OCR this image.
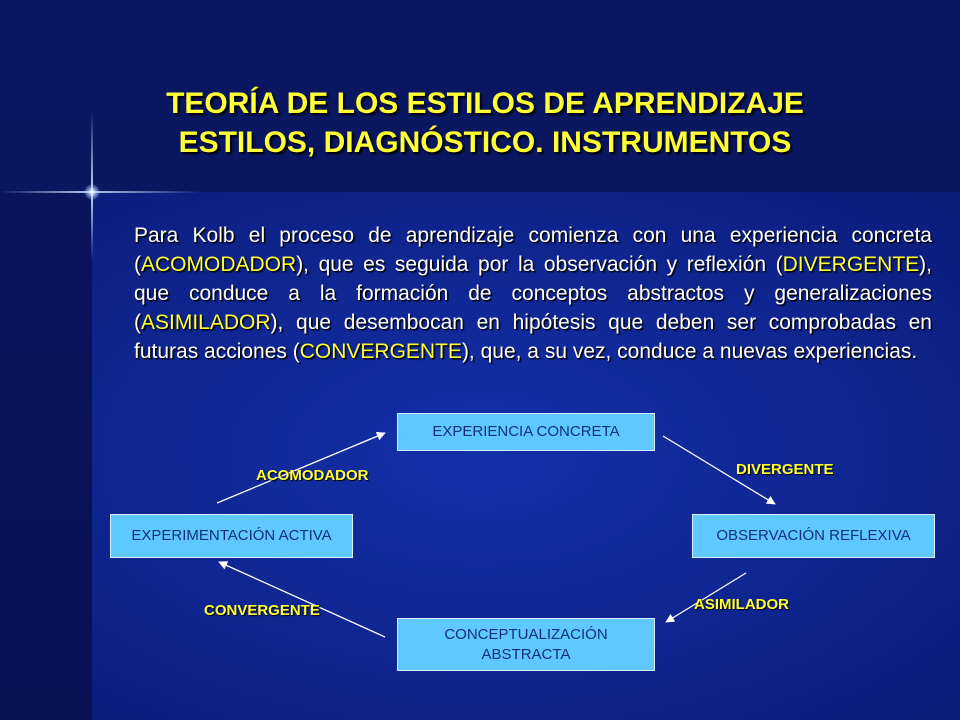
TEORÍA DE LOS ESTILOS DE APRENDIZAJE
ESTILOS, DIAGNÓSTICO. INSTRUMENTOS
Para Kolb el proceso de aprendizaje comienza con una experiencia concreta (ACOMODADOR), que es seguida por la observación y reflexión (DIVERGENTE), que conduce a la formación de conceptos abstractos y generalizaciones (ASIMILADOR), que desembocan en hipótesis que deben ser comprobadas en futuras acciones (CONVERGENTE), que, a su vez, conduce a nuevas experiencias.
EXPERIENCIA CONCRETA
OBSERVACIÓN REFLEXIVA
CONCEPTUALIZACIÓN
ABSTRACTA
EXPERIMENTACIÓN ACTIVA
DIVERGENTE
ASIMILADOR
CONVERGENTE
ACOMODADOR
